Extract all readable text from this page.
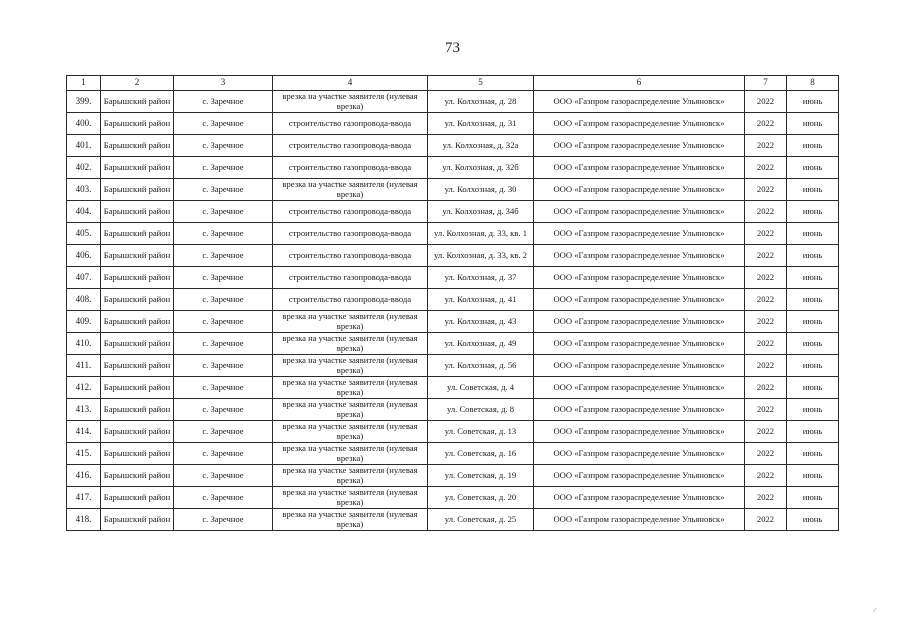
73
1	2	3	4	5	6	7	8
399.	Барышский район	с. Заречное	врезка на участке заявителя (нулевая врезка)	ул. Колхозная, д. 28	ООО «Газпром газораспределение Ульяновск»	2022	июнь
400.	Барышский район	с. Заречное	строительство газопровода-ввода	ул. Колхозная, д. 31	ООО «Газпром газораспределение Ульяновск»	2022	июнь
401.	Барышский район	с. Заречное	строительство газопровода-ввода	ул. Колхозная, д. 32а	ООО «Газпром газораспределение Ульяновск»	2022	июнь
402.	Барышский район	с. Заречное	строительство газопровода-ввода	ул. Колхозная, д. 32б	ООО «Газпром газораспределение Ульяновск»	2022	июнь
403.	Барышский район	с. Заречное	врезка на участке заявителя (нулевая врезка)	ул. Колхозная, д. 30	ООО «Газпром газораспределение Ульяновск»	2022	июнь
404.	Барышский район	с. Заречное	строительство газопровода-ввода	ул. Колхозная, д. 34б	ООО «Газпром газораспределение Ульяновск»	2022	июнь
405.	Барышский район	с. Заречное	строительство газопровода-ввода	ул. Колхозная, д. 33, кв. 1	ООО «Газпром газораспределение Ульяновск»	2022	июнь
406.	Барышский район	с. Заречное	строительство газопровода-ввода	ул. Колхозная, д. 33, кв. 2	ООО «Газпром газораспределение Ульяновск»	2022	июнь
407.	Барышский район	с. Заречное	строительство газопровода-ввода	ул. Колхозная, д. 37	ООО «Газпром газораспределение Ульяновск»	2022	июнь
408.	Барышский район	с. Заречное	строительство газопровода-ввода	ул. Колхозная, д. 41	ООО «Газпром газораспределение Ульяновск»	2022	июнь
409.	Барышский район	с. Заречное	врезка на участке заявителя (нулевая врезка)	ул. Колхозная, д. 43	ООО «Газпром газораспределение Ульяновск»	2022	июнь
410.	Барышский район	с. Заречное	врезка на участке заявителя (нулевая врезка)	ул. Колхозная, д. 49	ООО «Газпром газораспределение Ульяновск»	2022	июнь
411.	Барышский район	с. Заречное	врезка на участке заявителя (нулевая врезка)	ул. Колхозная, д. 56	ООО «Газпром газораспределение Ульяновск»	2022	июнь
412.	Барышский район	с. Заречное	врезка на участке заявителя (нулевая врезка)	ул. Советская, д. 4	ООО «Газпром газораспределение Ульяновск»	2022	июнь
413.	Барышский район	с. Заречное	врезка на участке заявителя (нулевая врезка)	ул. Советская, д. 8	ООО «Газпром газораспределение Ульяновск»	2022	июнь
414.	Барышский район	с. Заречное	врезка на участке заявителя (нулевая врезка)	ул. Советская, д. 13	ООО «Газпром газораспределение Ульяновск»	2022	июнь
415.	Барышский район	с. Заречное	врезка на участке заявителя (нулевая врезка)	ул. Советская, д. 16	ООО «Газпром газораспределение Ульяновск»	2022	июнь
416.	Барышский район	с. Заречное	врезка на участке заявителя (нулевая врезка)	ул. Советская, д. 19	ООО «Газпром газораспределение Ульяновск»	2022	июнь
417.	Барышский район	с. Заречное	врезка на участке заявителя (нулевая врезка)	ул. Советская, д. 20	ООО «Газпром газораспределение Ульяновск»	2022	июнь
418.	Барышский район	с. Заречное	врезка на участке заявителя (нулевая врезка)	ул. Советская, д. 25	ООО «Газпром газораспределение Ульяновск»	2022	июнь
⸝
